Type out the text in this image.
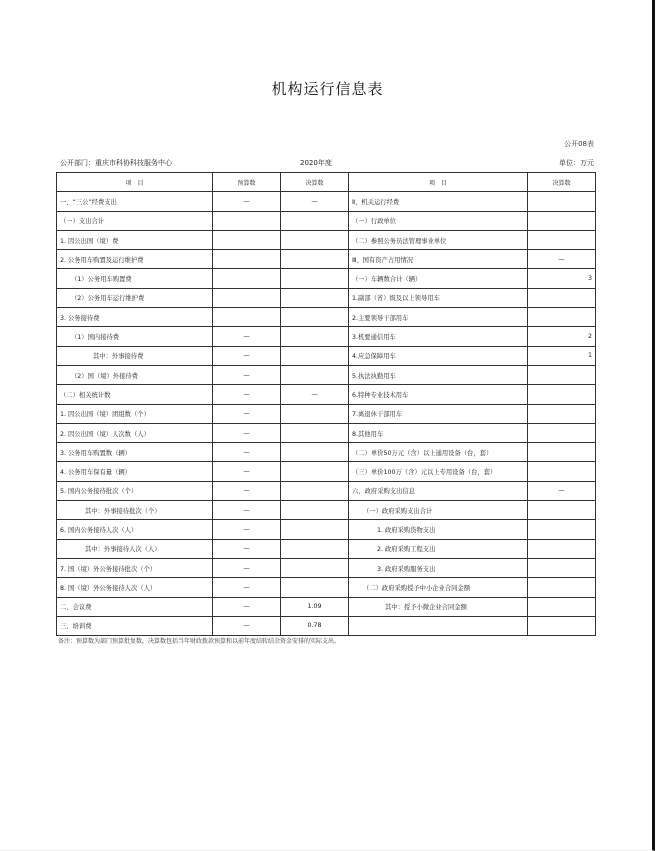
机构运行信息表
公开08表
公开部门：重庆市科协科技服务中心	2020年度	单位：万元
项　目	预算数	决算数	项　目	决算数
一、“三公”经费支出	—	—	Ⅱ、机关运行经费	
（一）支出合计			（一）行政单位	
1. 因公出国（境）费			（二）参照公务员法管理事业单位	
2. 公务用车购置及运行维护费			Ⅲ、国有资产占用情况	—
（1）公务用车购置费			（一）车辆数合计（辆）	3
（2）公务用车运行维护费			1.副部（省）级及以上领导用车	
3. 公务接待费			2.主要领导干部用车	
（1）国内接待费	—		3.机要通信用车	2
其中：外事接待费	—		4.应急保障用车	1
（2）国（境）外接待费	—		5.执法执勤用车	
（二）相关统计数	—	—	6.特种专业技术用车	
1. 因公出国（境）团组数（个）	—		7.离退休干部用车	
2. 因公出国（境）人次数（人）	—		8.其他用车	
3. 公务用车购置数（辆）	—		（二）单价50万元（含）以上通用设备（台，套）	
4. 公务用车保有量（辆）	—		（三）单价100万（含）元以上专用设备（台，套）	
5. 国内公务接待批次（个）	—		六、政府采购支出信息	—
其中：外事接待批次（个）	—		（一）政府采购支出合计	
6. 国内公务接待人次（人）	—		1. 政府采购货物支出	
其中：外事接待人次（人）	—		2. 政府采购工程支出	
7. 国（境）外公务接待批次（个）	—		3. 政府采购服务支出	
8. 国（境）外公务接待人次（人）	—		（二）政府采购授予中小企业合同金额	
二、会议费	—	1.09	其中：授予小微企业合同金额	
三、培训费	—	0.78		
备注：预算数为部门预算批复数，决算数包括当年财政拨款预算和以前年度结转结余资金安排的实际支出。
